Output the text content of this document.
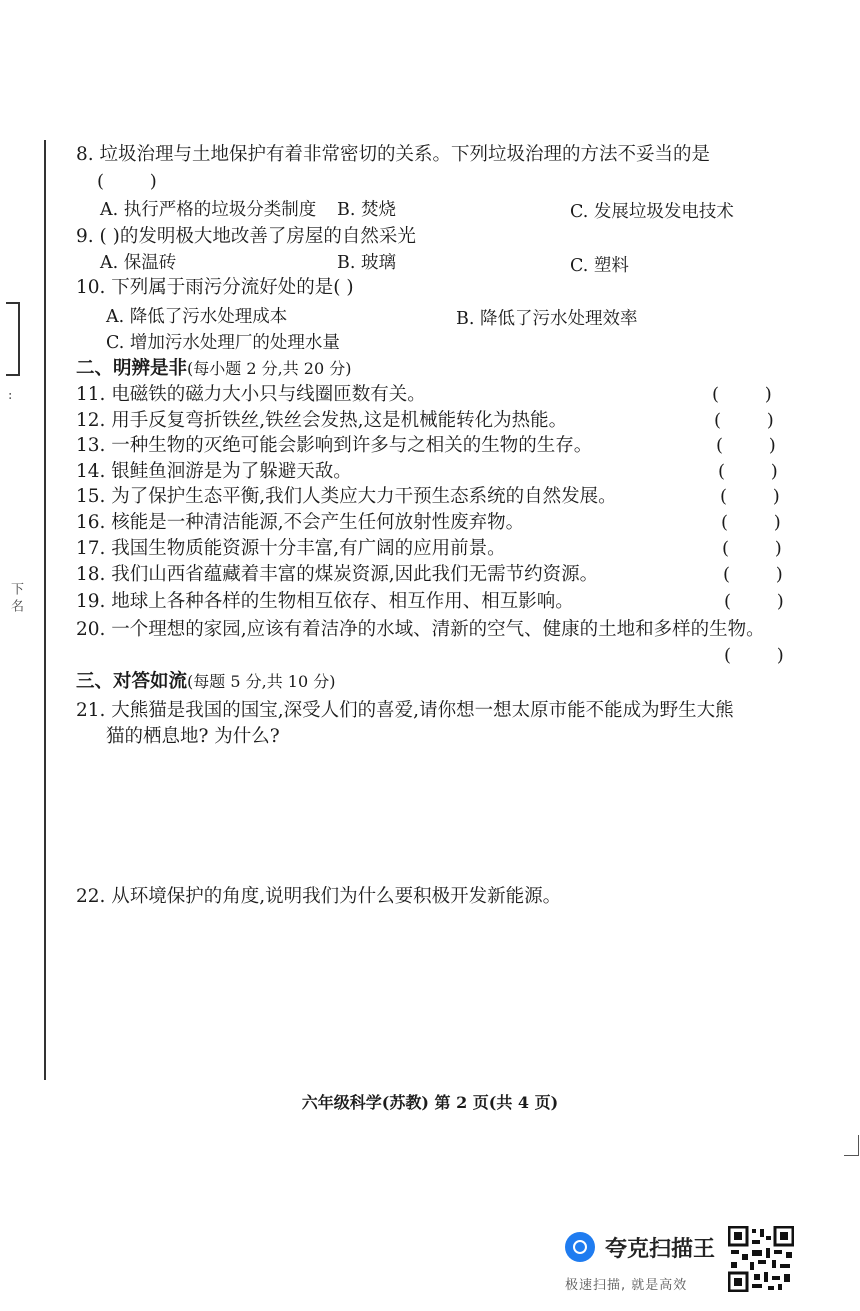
:
下 名
8. 垃圾治理与土地保护有着非常密切的关系。下列垃圾治理的方法不妥当的是
(        )
A. 执行严格的垃圾分类制度 B. 焚烧	C. 发展垃圾发电技术
9. ( )的发明极大地改善了房屋的自然采光
A. 保温砖	B. 玻璃	C. 塑料
10. 下列属于雨污分流好处的是( )
A. 降低了污水处理成本	B. 降低了污水处理效率
C. 增加污水处理厂的处理水量
二、明辨是非(每小题 2 分,共 20 分)
11. 电磁铁的磁力大小只与线圈匝数有关。	(        )
12. 用手反复弯折铁丝,铁丝会发热,这是机械能转化为热能。	(        )
13. 一种生物的灭绝可能会影响到许多与之相关的生物的生存。	(        )
14. 银鲑鱼洄游是为了躲避天敌。	(        )
15. 为了保护生态平衡,我们人类应大力干预生态系统的自然发展。	(        )
16. 核能是一种清洁能源,不会产生任何放射性废弃物。	(        )
17. 我国生物质能资源十分丰富,有广阔的应用前景。	(        )
18. 我们山西省蕴藏着丰富的煤炭资源,因此我们无需节约资源。	(        )
19. 地球上各种各样的生物相互依存、相互作用、相互影响。	(        )
20. 一个理想的家园,应该有着洁净的水域、清新的空气、健康的土地和多样的生物。
(        )
三、对答如流(每题 5 分,共 10 分)
21. 大熊猫是我国的国宝,深受人们的喜爱,请你想一想太原市能不能成为野生大熊
猫的栖息地? 为什么?
22. 从环境保护的角度,说明我们为什么要积极开发新能源。
六年级科学(苏教) 第 2 页(共 4 页)
夸克扫描王
极速扫描, 就是高效
